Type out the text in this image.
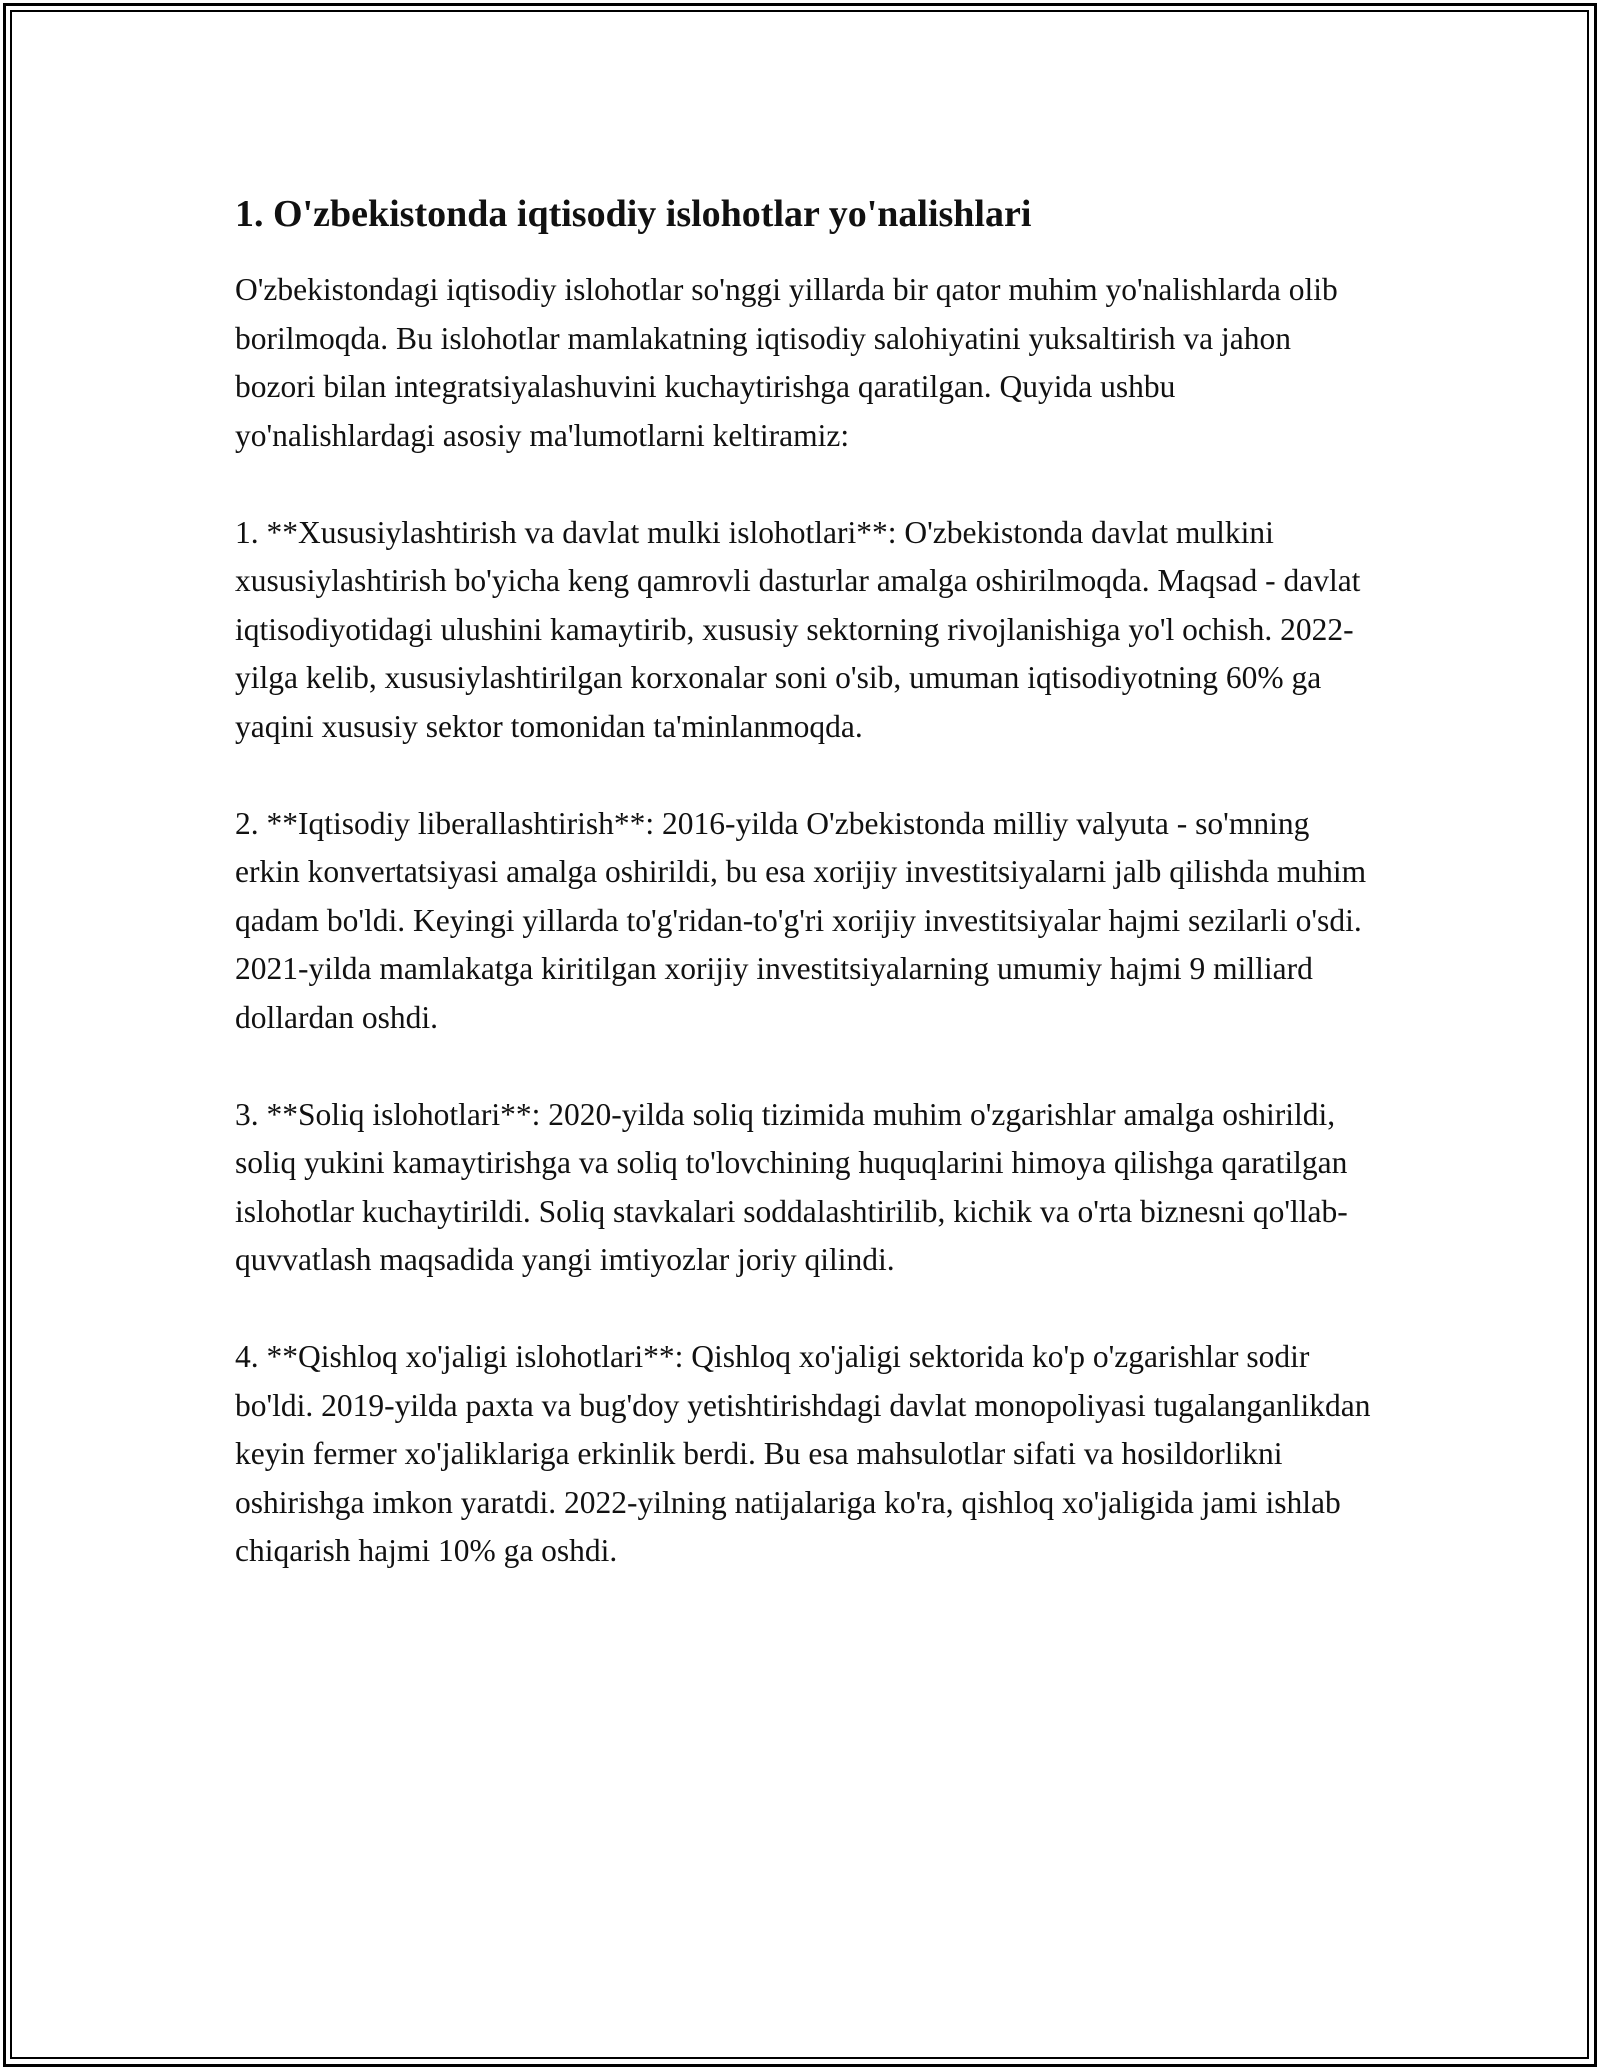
1. O'zbekistonda iqtisodiy islohotlar yo'nalishlari

O'zbekistondagi iqtisodiy islohotlar so'nggi yillarda bir qator muhim yo'nalishlarda olib borilmoqda. Bu islohotlar mamlakatning iqtisodiy salohiyatini yuksaltirish va jahon bozori bilan integratsiyalashuvini kuchaytirishga qaratilgan. Quyida ushbu yo'nalishlardagi asosiy ma'lumotlarni keltiramiz:

1. **Xususiylashtirish va davlat mulki islohotlari**: O'zbekistonda davlat mulkini xususiylashtirish bo'yicha keng qamrovli dasturlar amalga oshirilmoqda. Maqsad - davlat iqtisodiyotidagi ulushini kamaytirib, xususiy sektorning rivojlanishiga yo'l ochish. 2022-yilga kelib, xususiylashtirilgan korxonalar soni o'sib, umuman iqtisodiyotning 60% ga yaqini xususiy sektor tomonidan ta'minlanmoqda.

2. **Iqtisodiy liberallashtirish**: 2016-yilda O'zbekistonda milliy valyuta - so'mning erkin konvertatsiyasi amalga oshirildi, bu esa xorijiy investitsiyalarni jalb qilishda muhim qadam bo'ldi. Keyingi yillarda to'g'ridan-to'g'ri xorijiy investitsiyalar hajmi sezilarli o'sdi. 2021-yilda mamlakatga kiritilgan xorijiy investitsiyalarning umumiy hajmi 9 milliard dollardan oshdi.

3. **Soliq islohotlari**: 2020-yilda soliq tizimida muhim o'zgarishlar amalga oshirildi, soliq yukini kamaytirishga va soliq to'lovchining huquqlarini himoya qilishga qaratilgan islohotlar kuchaytirildi. Soliq stavkalari soddalashtirilib, kichik va o'rta biznesni qo'llab-quvvatlash maqsadida yangi imtiyozlar joriy qilindi.

4. **Qishloq xo'jaligi islohotlari**: Qishloq xo'jaligi sektorida ko'p o'zgarishlar sodir bo'ldi. 2019-yilda paxta va bug'doy yetishtirishdagi davlat monopoliyasi tugalanganlikdan keyin fermer xo'jaliklariga erkinlik berdi. Bu esa mahsulotlar sifati va hosildorlikni oshirishga imkon yaratdi. 2022-yilning natijalariga ko'ra, qishloq xo'jaligida jami ishlab chiqarish hajmi 10% ga oshdi.
